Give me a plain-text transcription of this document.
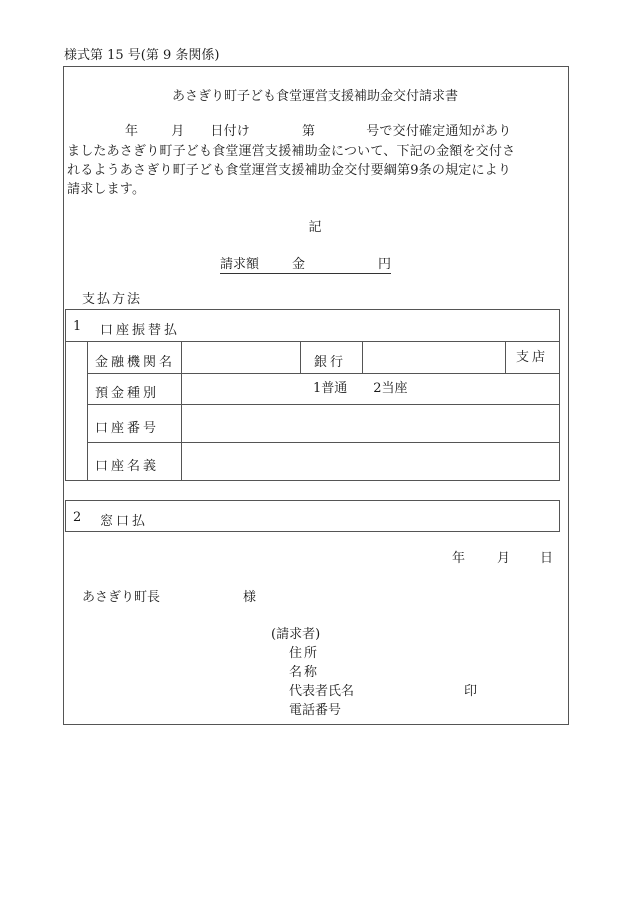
様式第 15 号(第 9 条関係)
あさぎり町子ども食堂運営支援補助金交付請求書
年	月 日付け	第	号で交付確定通知があり
ましたあさぎり町子ども食堂運営支援補助金について、下記の金額を交付さ
れるようあさぎり町子ども食堂運営支援補助金交付要綱第9条の規定により
請求します。
記
請求額	金	円
支払方法
1 口座振替払
金融機関名	銀行	支店
預金種別	1普通　　2当座
口座番号
口座名義
2 窓口払
年 月 日
あさぎり町長	様
(請求者)
住所
名称
代表者氏名	印
電話番号
